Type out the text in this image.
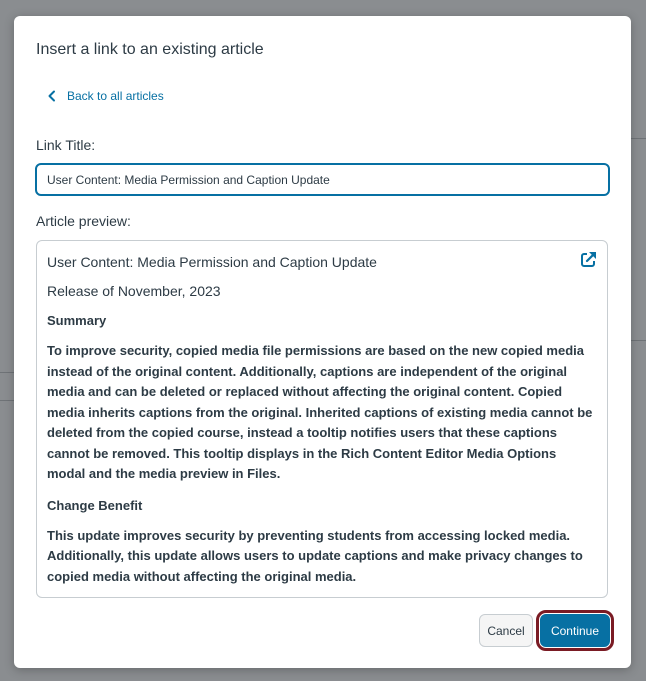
Insert a link to an existing article
Back to all articles
Link Title:
User Content: Media Permission and Caption Update
Article preview:
User Content: Media Permission and Caption Update
Release of November, 2023
Summary
To improve security, copied media file permissions are based on the new copied media instead of the original content. Additionally, captions are independent of the original media and can be deleted or replaced without affecting the original content. Copied media inherits captions from the original. Inherited captions of existing media cannot be deleted from the copied course, instead a tooltip notifies users that these captions cannot be removed. This tooltip displays in the Rich Content Editor Media Options modal and the media preview in Files.
Change Benefit
This update improves security by preventing students from accessing locked media. Additionally, this update allows users to update captions and make privacy changes to copied media without affecting the original media.
Cancel	Continue
